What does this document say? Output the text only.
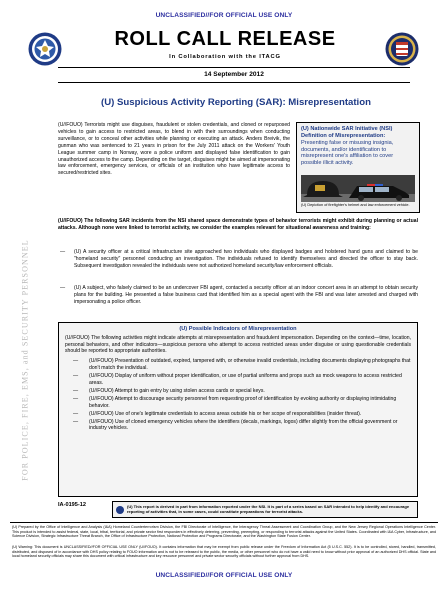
UNCLASSIFIED//FOR OFFICIAL USE ONLY
ROLL CALL RELEASE
In Collaboration with the ITACG
14 September 2012
(U) Suspicious Activity Reporting (SAR): Misrepresentation
FOR POLICE, FIRE, EMS, and SECURITY PERSONNEL
(U//FOUO) Terrorists might use disguises, fraudulent or stolen credentials, and cloned or repurposed vehicles to gain access to restricted areas, to blend in with their surroundings when conducting surveillance, or to conceal other activities while planning or executing an attack. Anders Breivik, the gunman who was sentenced to 21 years in prison for the July 2011 attack on the Workers' Youth League summer camp in Norway, wore a police uniform and displayed false identification to gain unauthorized access to the camp. Depending on the target, disguises might be aimed at impersonating law enforcement, emergency services, or officials of an institution who have legitimate access to secured/restricted sites.
(U) Nationwide SAR Initiative (NSI) Definition of Misrepresentation:
Presenting false or misusing insignia, documents, and/or identification to misrepresent one's affiliation to cover possible illicit activity.
(U) Depiction of firefighter's helmet and law enforcement vehicle.
(U//FOUO) The following SAR incidents from the NSI shared space demonstrate types of behavior terrorists might exhibit during planning or actual attacks. Although none were linked to terrorist activity, we consider the examples relevant for situational awareness and training:
— (U) A security officer at a critical infrastructure site approached two individuals who displayed badges and holstered hand guns and claimed to be "homeland security" personnel conducting an investigation. The individuals refused to identify themselves and directed the officer to stay back. Subsequent investigation revealed the individuals were not authorized homeland security/law enforcement officials.
— (U) A subject, who falsely claimed to be an undercover FBI agent, contacted a security officer at an indoor concert area in an attempt to obtain security plans for the building. He presented a false business card that identified him as a special agent with the FBI and was later arrested and charged with impersonating a police officer.
(U) Possible Indicators of Misrepresentation
(U//FOUO) The following activities might indicate attempts at misrepresentation and fraudulent impersonation. Depending on the context—time, location, personal behaviors, and other indicators—suspicious persons who attempt to access restricted areas under disguise or using questionable credentials should be reported to appropriate authorities.
— (U//FOUO) Presentation of outdated, expired, tampered with, or otherwise invalid credentials, including documents displaying photographs that don't match the individual.
— (U//FOUO) Display of uniform without proper identification, or use of partial uniforms and props such as mock weapons to access restricted areas.
— (U//FOUO) Attempt to gain entry by using stolen access cards or special keys.
— (U//FOUO) Attempt to discourage security personnel from requesting proof of identification by evoking authority or displaying intimidating behavior.
— (U//FOUO) Use of one's legitimate credentials to access areas outside his or her scope of responsibilities (insider threat).
— (U//FOUO) Use of cloned emergency vehicles where the identifiers (decals, markings, logos) differ slightly from the official government or industry vehicles.
IA-0195-12	(U) This report is derived in part from information reported under the NSI. It is part of a series based on SAR intended to help identify and encourage reporting of activities that, in some cases, could constitute preparations for terrorist attacks.
(U) Prepared by the Office of Intelligence and Analysis (I&A) Homeland Counterterrorism Division, the FBI Directorate of Intelligence, the Interagency Threat Assessment and Coordination Group, and the New Jersey Regional Operations Intelligence Center. This product is intended to assist federal, state, local, tribal, territorial, and private sector first responders in effectively deterring, preventing, preempting, or responding to terrorist attacks against the United States. Coordinated with I&A Cyber, Infrastructure, and Science Division, Strategic Infrastructure Threat Branch, the Office of Infrastructure Protection, National Protection and Programs Directorate, and the Washington State Fusion Center.
(U) Warning: This document is UNCLASSIFIED//FOR OFFICIAL USE ONLY (U//FOUO). It contains information that may be exempt from public release under the Freedom of Information Act (5 U.S.C. 552). It is to be controlled, stored, handled, transmitted, distributed, and disposed of in accordance with DHS policy relating to FOUO information and is not to be released to the public, the media, or other personnel who do not have a valid need to know without prior approval of an authorized DHS official. State and local homeland security officials may share this document with critical infrastructure and key resource personnel and private sector security officials without further approval from DHS.
UNCLASSIFIED//FOR OFFICIAL USE ONLY
